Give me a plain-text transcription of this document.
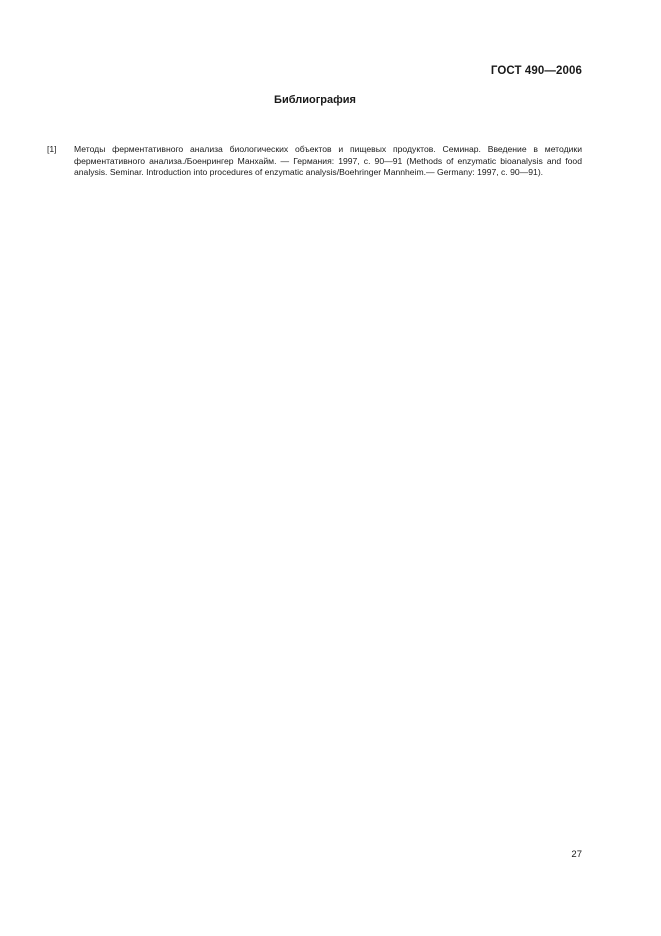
ГОСТ 490—2006
Библиография
[1]	Методы ферментативного анализа биологических объектов и пищевых продуктов. Семинар. Введение в методики ферментативного анализа./Боенрингер Манхайм. — Германия: 1997, с. 90—91 (Methods of enzymatic bioanalysis and food analysis. Seminar. Introduction into procedures of enzymatic analysis/Boehringer Mannheim.— Germany: 1997, c. 90—91).
27
